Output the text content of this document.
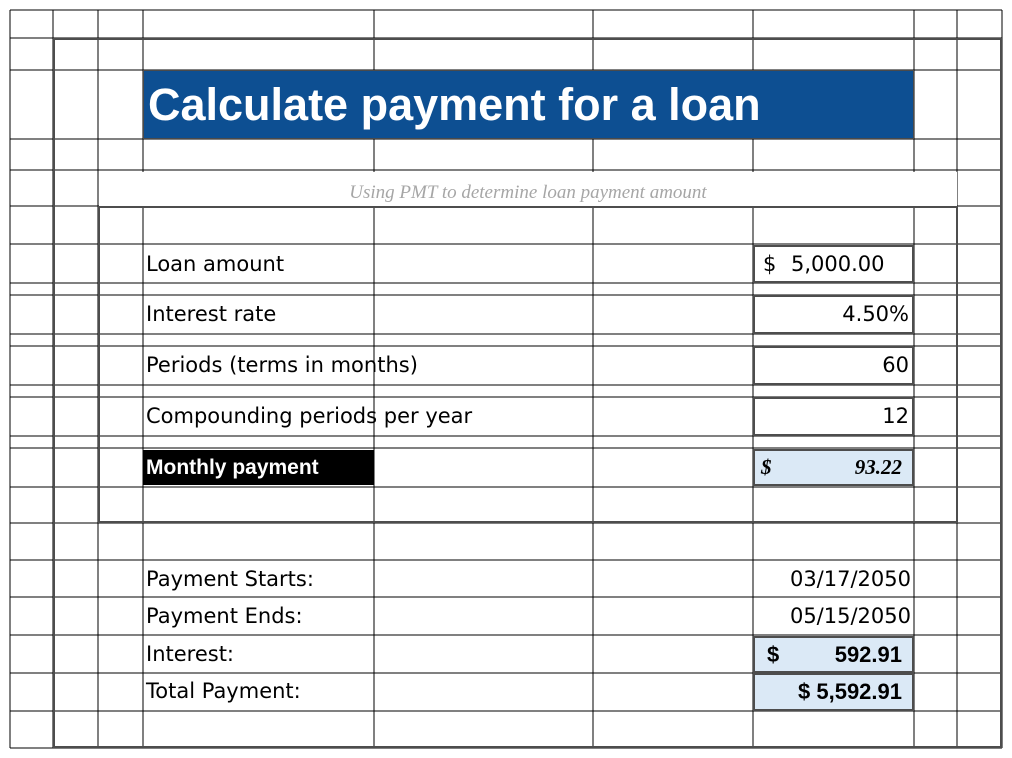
Calculate payment for a loan
Using PMT to determine loan payment amount
Loan amount	$ 5,000.00
Interest rate	4.50%
Periods (terms in months)	60
Compounding periods per year	12
Monthly payment	$	93.22
Payment Starts:	03/17/2050
Payment Ends:	05/15/2050
Interest:	$	592.91
Total Payment:	$ 5,592.91
